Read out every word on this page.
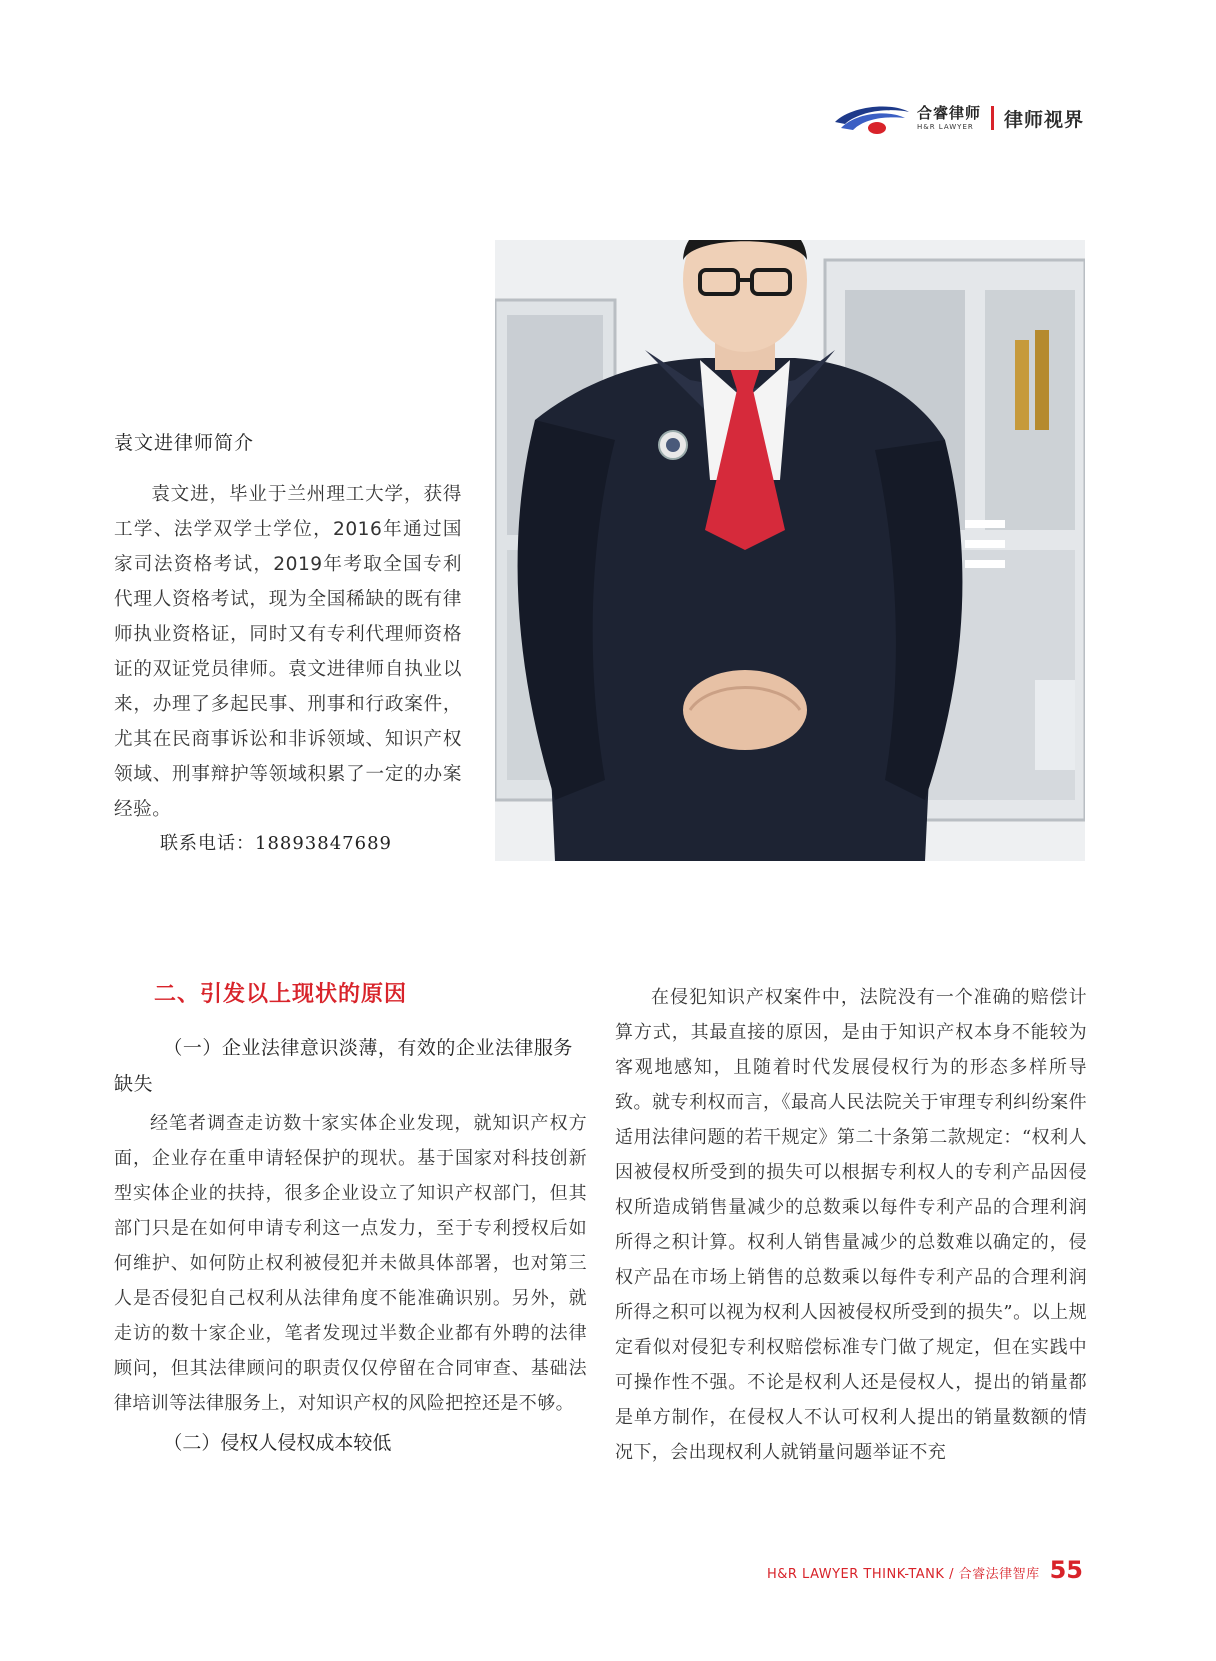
合睿律师
H&R LAWYER	律师视界
袁文进律师简介

袁文进，毕业于兰州理工大学，获得工学、法学双学士学位，2016年通过国家司法资格考试，2019年考取全国专利代理人资格考试，现为全国稀缺的既有律师执业资格证，同时又有专利代理师资格证的双证党员律师。袁文进律师自执业以来，办理了多起民事、刑事和行政案件，尤其在民商事诉讼和非诉领域、知识产权领域、刑事辩护等领域积累了一定的办案经验。

联系电话：18893847689
二、引发以上现状的原因
（一）企业法律意识淡薄，有效的企业法律服务缺失

经笔者调查走访数十家实体企业发现，就知识产权方面，企业存在重申请轻保护的现状。基于国家对科技创新型实体企业的扶持，很多企业设立了知识产权部门，但其部门只是在如何申请专利这一点发力，至于专利授权后如何维护、如何防止权利被侵犯并未做具体部署，也对第三人是否侵犯自己权利从法律角度不能准确识别。另外，就走访的数十家企业，笔者发现过半数企业都有外聘的法律顾问，但其法律顾问的职责仅仅停留在合同审查、基础法律培训等法律服务上，对知识产权的风险把控还是不够。

（二）侵权人侵权成本较低

在侵犯知识产权案件中，法院没有一个准确的赔偿计算方式，其最直接的原因，是由于知识产权本身不能较为客观地感知，且随着时代发展侵权行为的形态多样所导致。就专利权而言，《最高人民法院关于审理专利纠纷案件适用法律问题的若干规定》第二十条第二款规定：“权利人因被侵权所受到的损失可以根据专利权人的专利产品因侵权所造成销售量减少的总数乘以每件专利产品的合理利润所得之积计算。权利人销售量减少的总数难以确定的，侵权产品在市场上销售的总数乘以每件专利产品的合理利润所得之积可以视为权利人因被侵权所受到的损失”。以上规定看似对侵犯专利权赔偿标准专门做了规定，但在实践中可操作性不强。不论是权利人还是侵权人，提出的销量都是单方制作，在侵权人不认可权利人提出的销量数额的情况下，会出现权利人就销量问题举证不充

H&R LAWYER THINK-TANK / 合睿法律智库 55
